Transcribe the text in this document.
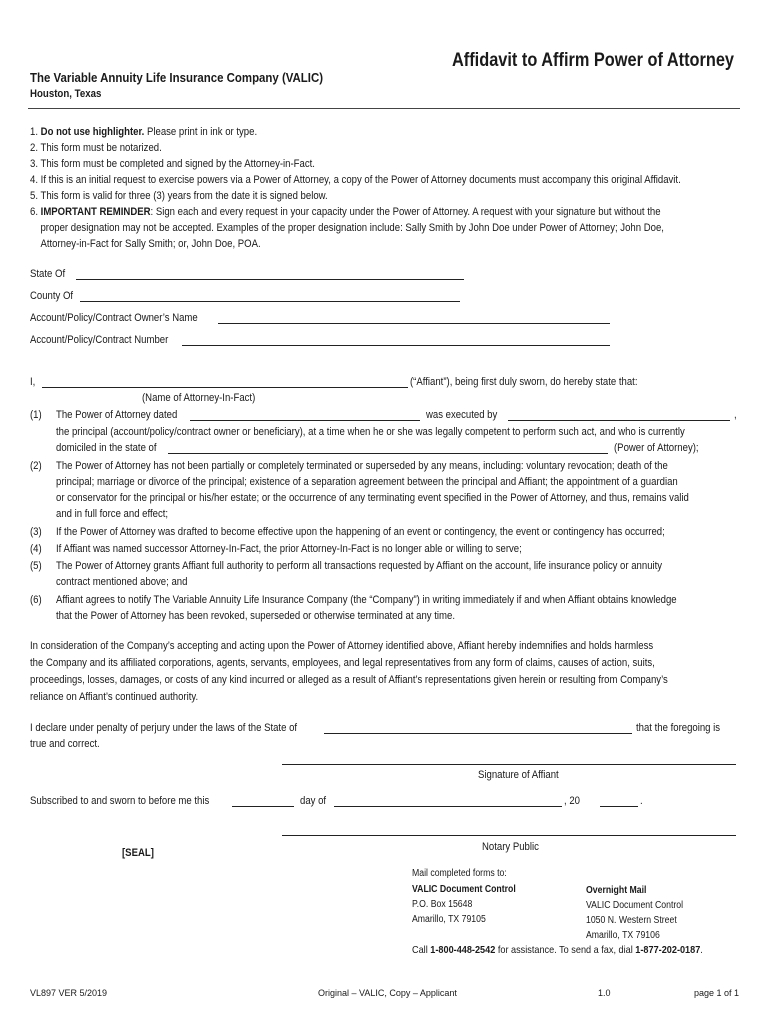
Affidavit to Affirm Power of Attorney
The Variable Annuity Life Insurance Company (VALIC)
Houston, Texas
1. Do not use highlighter. Please print in ink or type.
2. This form must be notarized.
3. This form must be completed and signed by the Attorney-in-Fact.
4. If this is an initial request to exercise powers via a Power of Attorney, a copy of the Power of Attorney documents must accompany this original Affidavit.
5. This form is valid for three (3) years from the date it is signed below.
6. IMPORTANT REMINDER: Sign each and every request in your capacity under the Power of Attorney. A request with your signature but without the
proper designation may not be accepted. Examples of the proper designation include: Sally Smith by John Doe under Power of Attorney; John Doe,
Attorney-in-Fact for Sally Smith; or, John Doe, POA.
State Of
County Of
Account/Policy/Contract Owner’s Name
Account/Policy/Contract Number
I,	(“Affiant”), being first duly sworn, do hereby state that:
(Name of Attorney-In-Fact)
(1) The Power of Attorney dated	was executed by	,
the principal (account/policy/contract owner or beneficiary), at a time when he or she was legally competent to perform such act, and who is currently
domiciled in the state of	(Power of Attorney);
(2) The Power of Attorney has not been partially or completely terminated or superseded by any means, including: voluntary revocation; death of the
principal; marriage or divorce of the principal; existence of a separation agreement between the principal and Affiant; the appointment of a guardian
or conservator for the principal or his/her estate; or the occurrence of any terminating event specified in the Power of Attorney, and thus, remains valid
and in full force and effect;
(3) If the Power of Attorney was drafted to become effective upon the happening of an event or contingency, the event or contingency has occurred;
(4) If Affiant was named successor Attorney-In-Fact, the prior Attorney-In-Fact is no longer able or willing to serve;
(5) The Power of Attorney grants Affiant full authority to perform all transactions requested by Affiant on the account, life insurance policy or annuity
contract mentioned above; and
(6) Affiant agrees to notify The Variable Annuity Life Insurance Company (the “Company”) in writing immediately if and when Affiant obtains knowledge
that the Power of Attorney has been revoked, superseded or otherwise terminated at any time.
In consideration of the Company’s accepting and acting upon the Power of Attorney identified above, Affiant hereby indemnifies and holds harmless
the Company and its affiliated corporations, agents, servants, employees, and legal representatives from any form of claims, causes of action, suits,
proceedings, losses, damages, or costs of any kind incurred or alleged as a result of Affiant’s representations given herein or resulting from Company’s
reliance on Affiant’s continued authority.
I declare under penalty of perjury under the laws of the State of	that the foregoing is
true and correct.
Signature of Affiant
Subscribed to and sworn to before me this	day of	, 20	.
Notary Public
[SEAL]
Mail completed forms to:
VALIC Document Control
P.O. Box 15648
Amarillo, TX 79105
Overnight Mail
VALIC Document Control
1050 N. Western Street
Amarillo, TX 79106
Call 1-800-448-2542 for assistance. To send a fax, dial 1-877-202-0187.
VL897 VER 5/2019	Original – VALIC, Copy – Applicant	1.0	page 1 of 1
